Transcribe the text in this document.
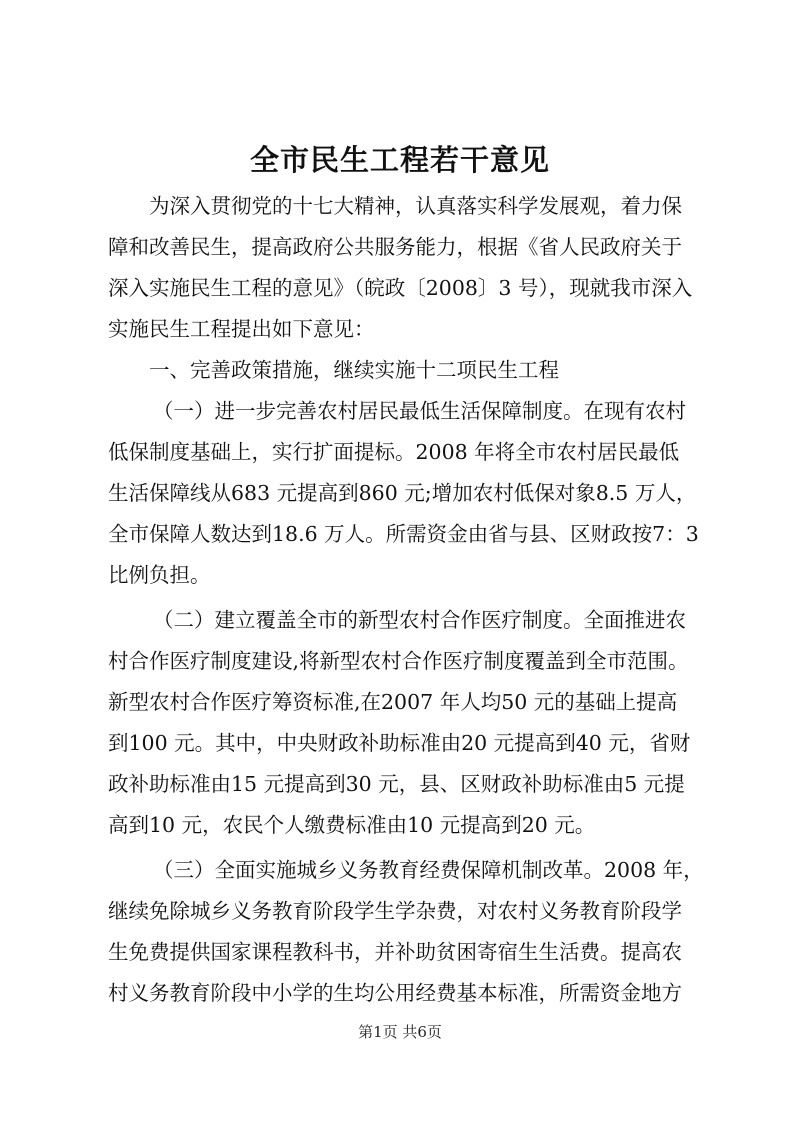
全市民生工程若干意见
为深入贯彻党的十七大精神，认真落实科学发展观，着力保
障和改善民生，提高政府公共服务能力，根据《省人民政府关于
深入实施民生工程的意见》（皖政〔2008〕3 号），现就我市深入
实施民生工程提出如下意见：
一、完善政策措施，继续实施十二项民生工程
（一）进一步完善农村居民最低生活保障制度。在现有农村
低保制度基础上，实行扩面提标。2008 年将全市农村居民最低
生活保障线从683 元提高到860 元;增加农村低保对象8.5 万人，
全市保障人数达到18.6 万人。所需资金由省与县、区财政按7：3
比例负担。
（二）建立覆盖全市的新型农村合作医疗制度。全面推进农
村合作医疗制度建设,将新型农村合作医疗制度覆盖到全市范围。
新型农村合作医疗筹资标准,在2007 年人均50 元的基础上提高
到100 元。其中，中央财政补助标准由20 元提高到40 元，省财
政补助标准由15 元提高到30 元，县、区财政补助标准由5 元提
高到10 元，农民个人缴费标准由10 元提高到20 元。
（三）全面实施城乡义务教育经费保障机制改革。2008 年，
继续免除城乡义务教育阶段学生学杂费，对农村义务教育阶段学
生免费提供国家课程教科书，并补助贫困寄宿生生活费。提高农
村义务教育阶段中小学的生均公用经费基本标准，所需资金地方
第1页 共6页
